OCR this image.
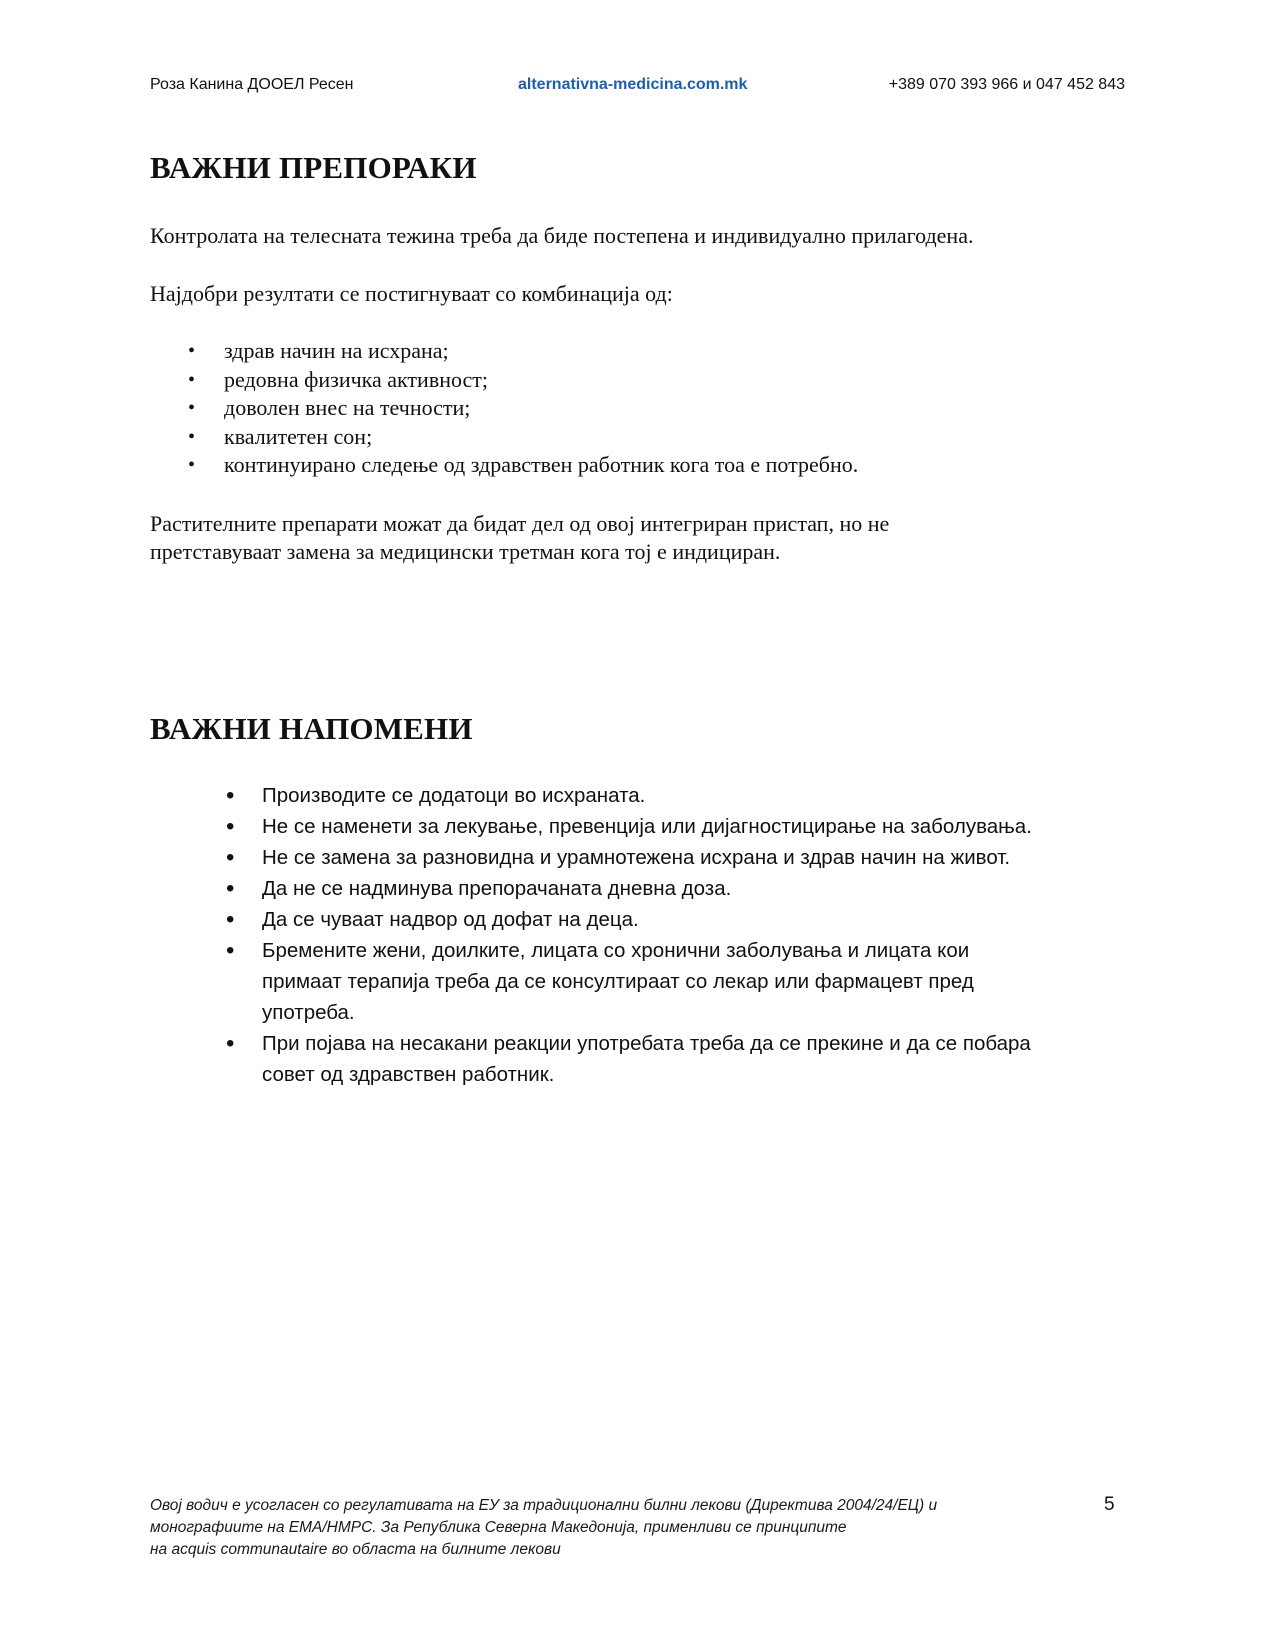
Роза Канина ДООЕЛ Ресен	alternativna-medicina.com.mk	+389 070 393 966 и 047 452 843
ВАЖНИ ПРЕПОРАКИ

Контролата на телесната тежина треба да биде постепена и индивидуално прилагодена.

Најдобри резултати се постигнуваат со комбинација од:

• здрав начин на исхрана;
• редовна физичка активност;
• доволен внес на течности;
• квалитетен сон;
• континуирано следење од здравствен работник кога тоа е потребно.

Растителните препарати можат да бидат дел од овој интегриран пристап, но не
претставуваат замена за медицински третман кога тој е индициран.

ВАЖНИ НАПОМЕНИ
• Производите се додатоци во исхраната.
• Не се наменети за лекување, превенција или дијагностицирање на заболувања.
• Не се замена за разновидна и урамнотежена исхрана и здрав начин на живот.
• Да не се надминува препорачаната дневна доза.
• Да се чуваат надвор од дофат на деца.
• Бремените жени, доилките, лицата со хронични заболувања и лицата кои
примаат терапија треба да се консултираат со лекар или фармацевт пред
употреба.
• При појава на несакани реакции употребата треба да се прекине и да се побара
совет од здравствен работник.

Овој водич е усогласен со регулативата на ЕУ за традиционални билни лекови (Директива 2004/24/ЕЦ) и
монографиите на ЕМА/НМРС. За Република Северна Македонија, применливи се принципите
на acquis communautaire во областа на билните лекови

5
